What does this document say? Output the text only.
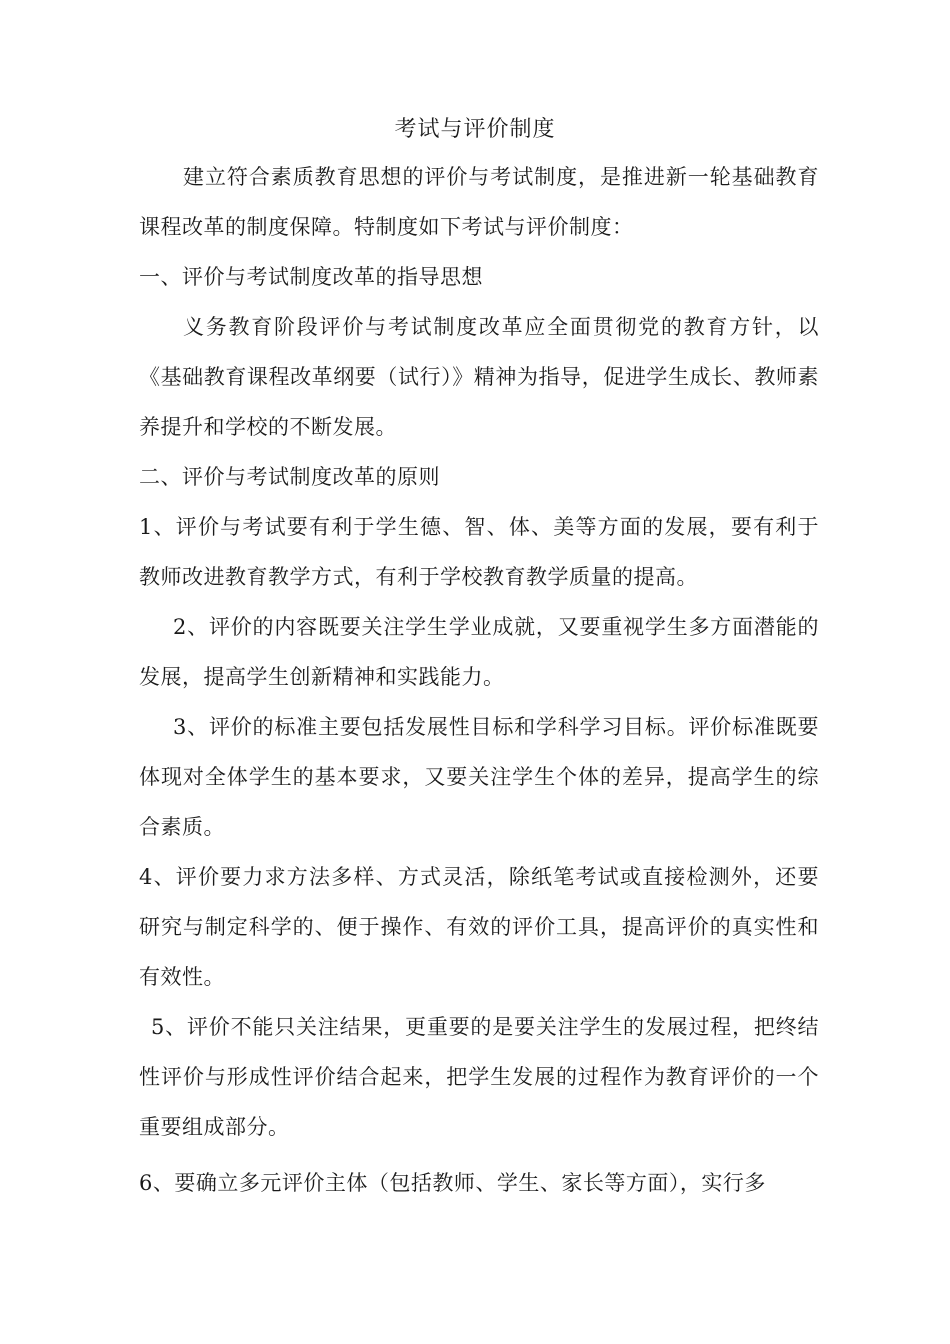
考试与评价制度

建立符合素质教育思想的评价与考试制度，是推进新一轮基础教育课程改革的制度保障。特制度如下考试与评价制度：

一、评价与考试制度改革的指导思想

义务教育阶段评价与考试制度改革应全面贯彻党的教育方针，以《基础教育课程改革纲要（试行）》精神为指导，促进学生成长、教师素养提升和学校的不断发展。

二、评价与考试制度改革的原则

1、评价与考试要有利于学生德、智、体、美等方面的发展，要有利于教师改进教育教学方式，有利于学校教育教学质量的提高。

2、评价的内容既要关注学生学业成就，又要重视学生多方面潜能的发展，提高学生创新精神和实践能力。

3、评价的标准主要包括发展性目标和学科学习目标。评价标准既要体现对全体学生的基本要求，又要关注学生个体的差异，提高学生的综合素质。

4、评价要力求方法多样、方式灵活，除纸笔考试或直接检测外，还要研究与制定科学的、便于操作、有效的评价工具，提高评价的真实性和有效性。

5、评价不能只关注结果，更重要的是要关注学生的发展过程，把终结性评价与形成性评价结合起来，把学生发展的过程作为教育评价的一个重要组成部分。

6、要确立多元评价主体（包括教师、学生、家长等方面），实行多
